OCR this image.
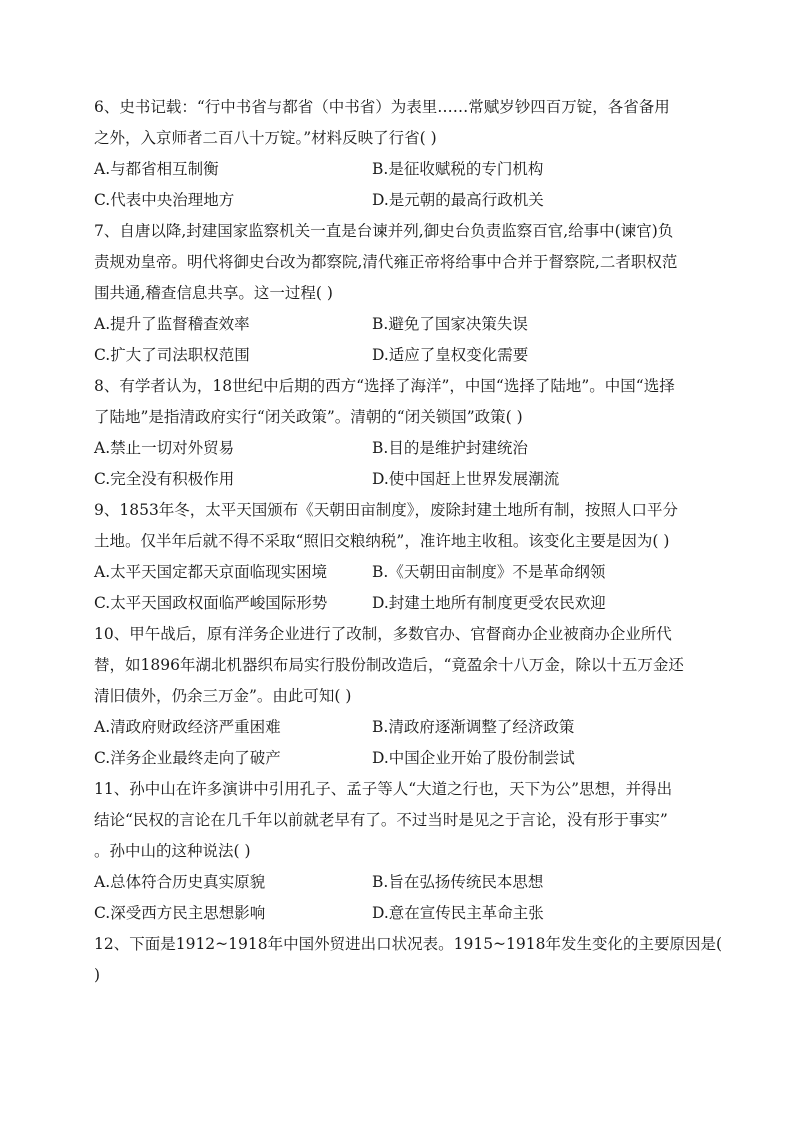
6、史书记载：“行中书省与都省（中书省）为表里……常赋岁钞四百万锭，各省备用
之外，入京师者二百八十万锭。”材料反映了行省( )
A.与都省相互制衡	B.是征收赋税的专门机构
C.代表中央治理地方	D.是元朝的最高行政机关
7、自唐以降,封建国家监察机关一直是台谏并列,御史台负责监察百官,给事中(谏官)负
责规劝皇帝。明代将御史台改为都察院,清代雍正帝将给事中合并于督察院,二者职权范
围共通,稽查信息共享。这一过程( )
A.提升了监督稽查效率	B.避免了国家决策失误
C.扩大了司法职权范围	D.适应了皇权变化需要
8、有学者认为，18世纪中后期的西方“选择了海洋”，中国“选择了陆地”。中国“选择
了陆地”是指清政府实行“闭关政策”。清朝的“闭关锁国”政策( )
A.禁止一切对外贸易	B.目的是维护封建统治
C.完全没有积极作用	D.使中国赶上世界发展潮流
9、1853年冬，太平天国颁布《天朝田亩制度》，废除封建土地所有制，按照人口平分
土地。仅半年后就不得不采取“照旧交粮纳税”，准许地主收租。该变化主要是因为( )
A.太平天国定都天京面临现实困境	B.《天朝田亩制度》不是革命纲领
C.太平天国政权面临严峻国际形势	D.封建土地所有制度更受农民欢迎
10、甲午战后，原有洋务企业进行了改制，多数官办、官督商办企业被商办企业所代
替，如1896年湖北机器织布局实行股份制改造后，“竟盈余十八万金，除以十五万金还
清旧债外，仍余三万金”。由此可知( )
A.清政府财政经济严重困难	B.清政府逐渐调整了经济政策
C.洋务企业最终走向了破产	D.中国企业开始了股份制尝试
11、孙中山在许多演讲中引用孔子、孟子等人“大道之行也，天下为公”思想，并得出
结论“民权的言论在几千年以前就老早有了。不过当时是见之于言论，没有形于事实”
。孙中山的这种说法( )
A.总体符合历史真实原貌	B.旨在弘扬传统民本思想
C.深受西方民主思想影响	D.意在宣传民主革命主张
12、下面是1912~1918年中国外贸进出口状况表。1915~1918年发生变化的主要原因是(
)
